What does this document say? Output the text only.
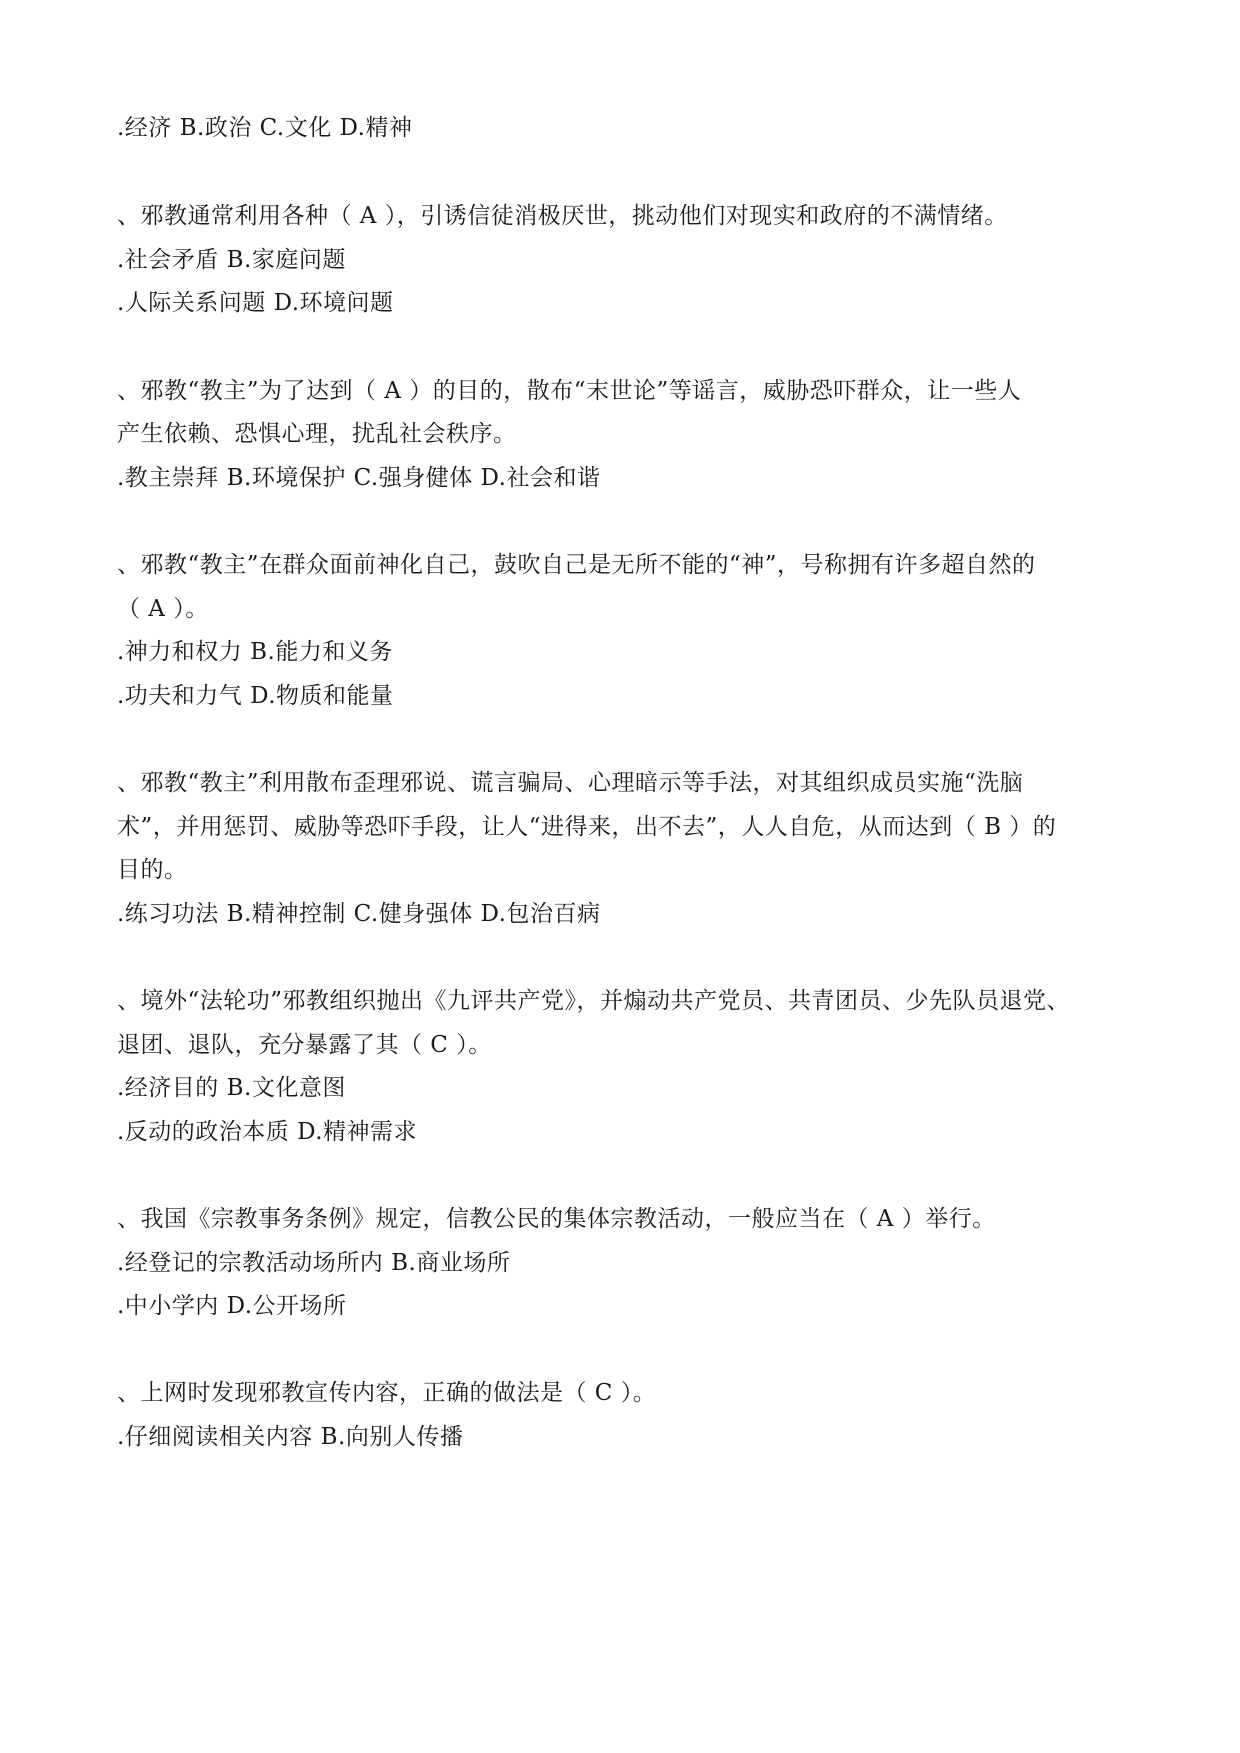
.经济 B.政治 C.文化 D.精神
、邪教通常利用各种（ A ），引诱信徒消极厌世，挑动他们对现实和政府的不满情绪。
.社会矛盾 B.家庭问题
.人际关系问题 D.环境问题
、邪教“教主”为了达到（ A ）的目的，散布“末世论”等谣言，威胁恐吓群众，让一些人
产生依赖、恐惧心理，扰乱社会秩序。
.教主崇拜 B.环境保护 C.强身健体 D.社会和谐
、邪教“教主”在群众面前神化自己，鼓吹自己是无所不能的“神”，号称拥有许多超自然的
（ A ）。
.神力和权力 B.能力和义务
.功夫和力气 D.物质和能量
、邪教“教主”利用散布歪理邪说、谎言骗局、心理暗示等手法，对其组织成员实施“洗脑
术”，并用惩罚、威胁等恐吓手段，让人“进得来，出不去”，人人自危，从而达到（ B ）的
目的。
.练习功法 B.精神控制 C.健身强体 D.包治百病
、境外“法轮功”邪教组织抛出《九评共产党》，并煽动共产党员、共青团员、少先队员退党、
退团、退队，充分暴露了其（ C ）。
.经济目的 B.文化意图
.反动的政治本质 D.精神需求
、我国《宗教事务条例》规定，信教公民的集体宗教活动，一般应当在（ A ）举行。
.经登记的宗教活动场所内 B.商业场所
.中小学内 D.公开场所
、上网时发现邪教宣传内容，正确的做法是（ C ）。
.仔细阅读相关内容 B.向别人传播
